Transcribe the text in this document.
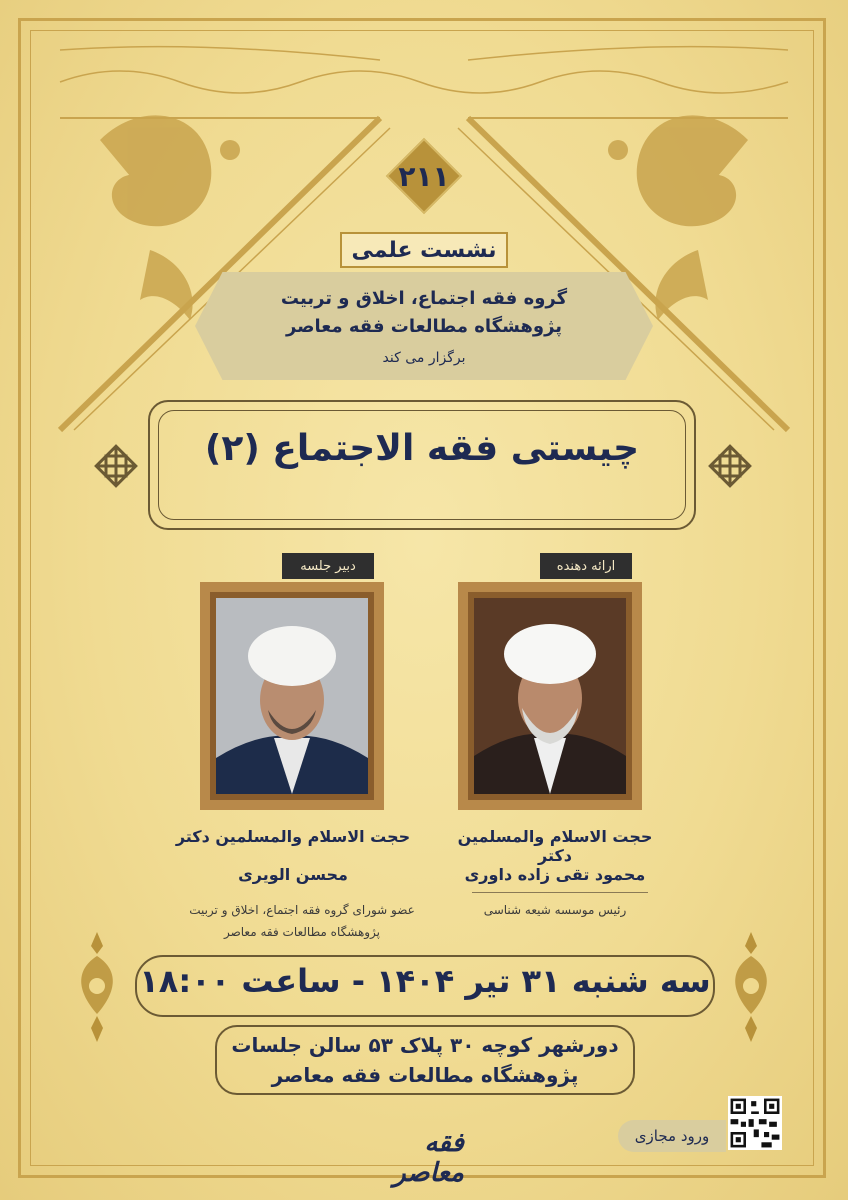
۲۱۱
نشست علمی
گروه فقه اجتماع، اخلاق و تربیت
پژوهشگاه مطالعات فقه معاصر
برگزار می کند
چیستی فقه الاجتماع (۲)
دبیر جلسه	ارائه دهنده
حجت الاسلام والمسلمین دکتر
محسن الویری
عضو شورای گروه فقه اجتماع، اخلاق و تربیت
پژوهشگاه مطالعات فقه معاصر
حجت الاسلام والمسلمین دکتر
محمود تقی زاده داوری
رئیس موسسه شیعه شناسی
سه شنبه ۳۱ تیر ۱۴۰۴ - ساعت ۱۸:۰۰
دورشهر کوچه ۳۰ پلاک ۵۳ سالن جلسات
پژوهشگاه مطالعات فقه معاصر
ورود مجازی
فقه معاصر
